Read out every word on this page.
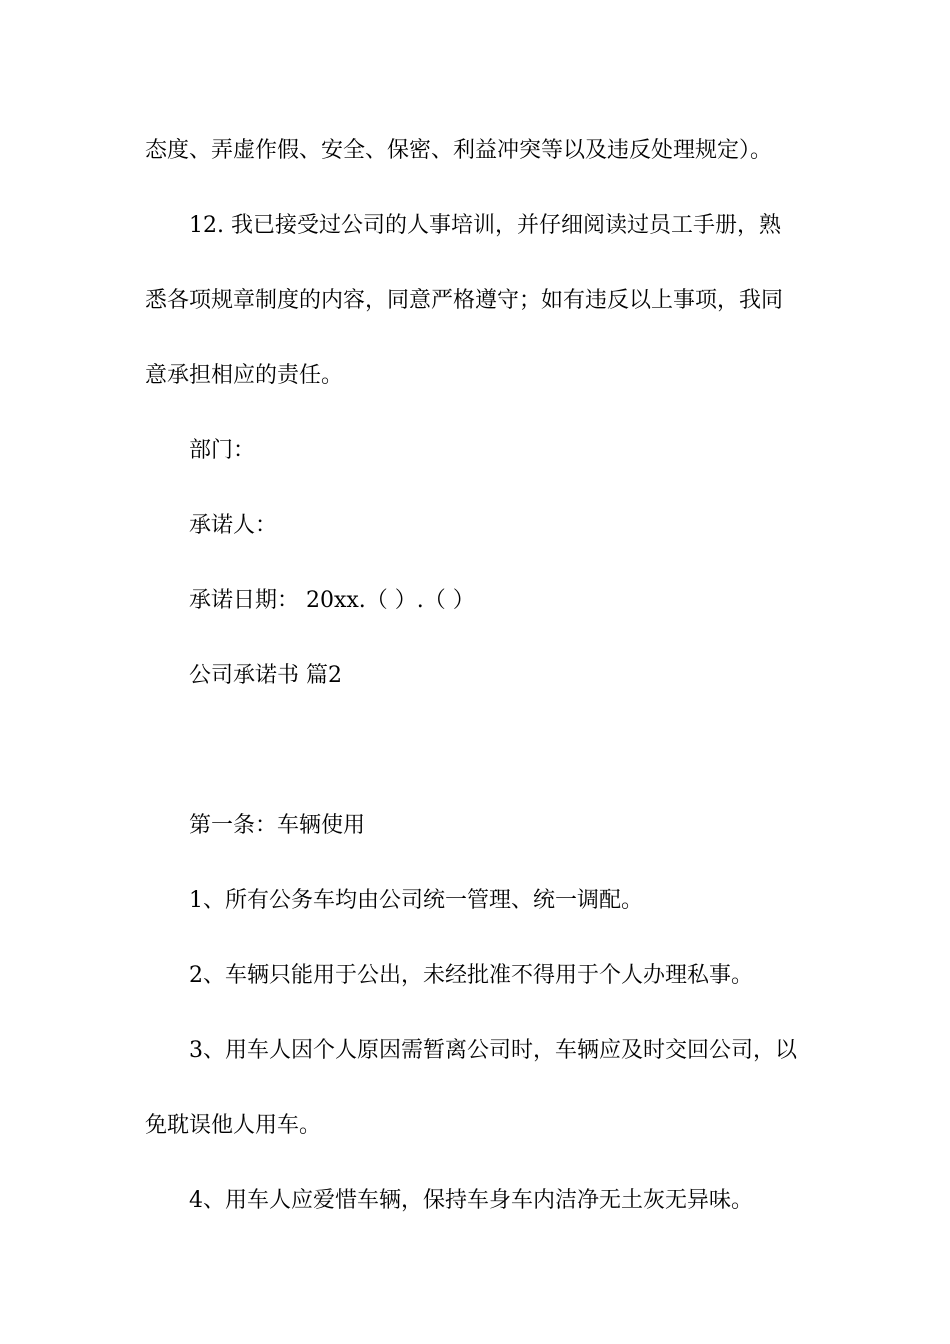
态度、弄虚作假、安全、保密、利益冲突等以及违反处理规定）。
12. 我已接受过公司的人事培训，并仔细阅读过员工手册，熟
悉各项规章制度的内容，同意严格遵守；如有违反以上事项，我同
意承担相应的责任。
部门：
承诺人：
承诺日期： 20xx.（ ）.（ ）
公司承诺书 篇2
第一条：车辆使用
1、所有公务车均由公司统一管理、统一调配。
2、车辆只能用于公出，未经批准不得用于个人办理私事。
3、用车人因个人原因需暂离公司时，车辆应及时交回公司，以
免耽误他人用车。
4、用车人应爱惜车辆，保持车身车内洁净无土灰无异味。
